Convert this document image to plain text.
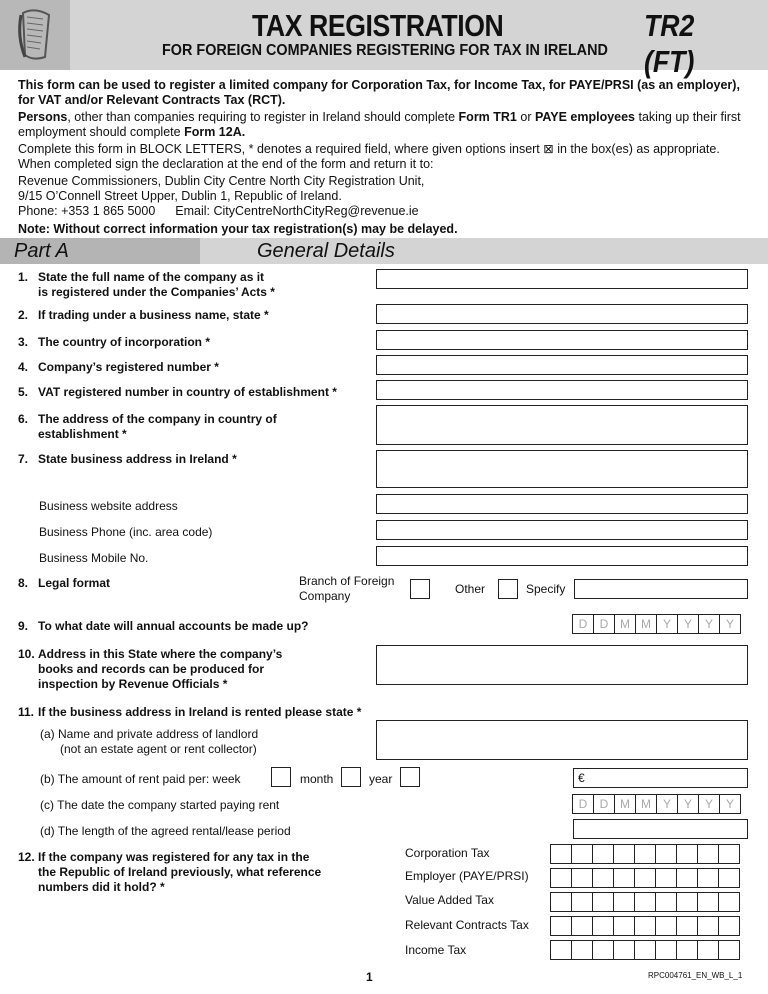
TAX REGISTRATION	TR2 (FT)
FOR FOREIGN COMPANIES REGISTERING FOR TAX IN IRELAND

This form can be used to register a limited company for Corporation Tax, for Income Tax, for PAYE/PRSI (as an employer), for VAT and/or Relevant Contracts Tax (RCT).

Persons, other than companies requiring to register in Ireland should complete Form TR1 or PAYE employees taking up their first employment should complete Form 12A.

Complete this form in BLOCK LETTERS, * denotes a required field, where given options insert ⊠ in the box(es) as appropriate. When completed sign the declaration at the end of the form and return it to:

Revenue Commissioners, Dublin City Centre North City Registration Unit,
9/15 O’Connell Street Upper, Dublin 1, Republic of Ireland.
Phone: +353 1 865 5000 Email: CityCentreNorthCityReg@revenue.ie

Note: Without correct information your tax registration(s) may be delayed.

Part A	General Details
1. State the full name of the company as it
is registered under the Companies’ Acts *
2. If trading under a business name, state *
3. The country of incorporation *
4. Company’s registered number *
5. VAT registered number in country of establishment *
6. The address of the company in country of
establishment *
7. State business address in Ireland *
Business website address
Business Phone (inc. area code)
Business Mobile No.
8. Legal format	Branch of Foreign
Company	Other	Specify
9. To what date will annual accounts be made up?	D	D M M Y	Y	Y	Y
10. Address in this State where the company’s
books and records can be produced for
inspection by Revenue Officials *
11. If the business address in Ireland is rented please state *
(a) Name and private address of landlord
(not an estate agent or rent collector)
(b) The amount of rent paid per: week	month	year	€
(c) The date the company started paying rent	D	D M M Y	Y	Y	Y
(d) The length of the agreed rental/lease period
12. If the company was registered for any tax in the
the Republic of Ireland previously, what reference
numbers did it hold? *
Corporation Tax
Employer (PAYE/PRSI)
Value Added Tax
Relevant Contracts Tax
Income Tax
1	RPC004761_EN_WB_L_1
